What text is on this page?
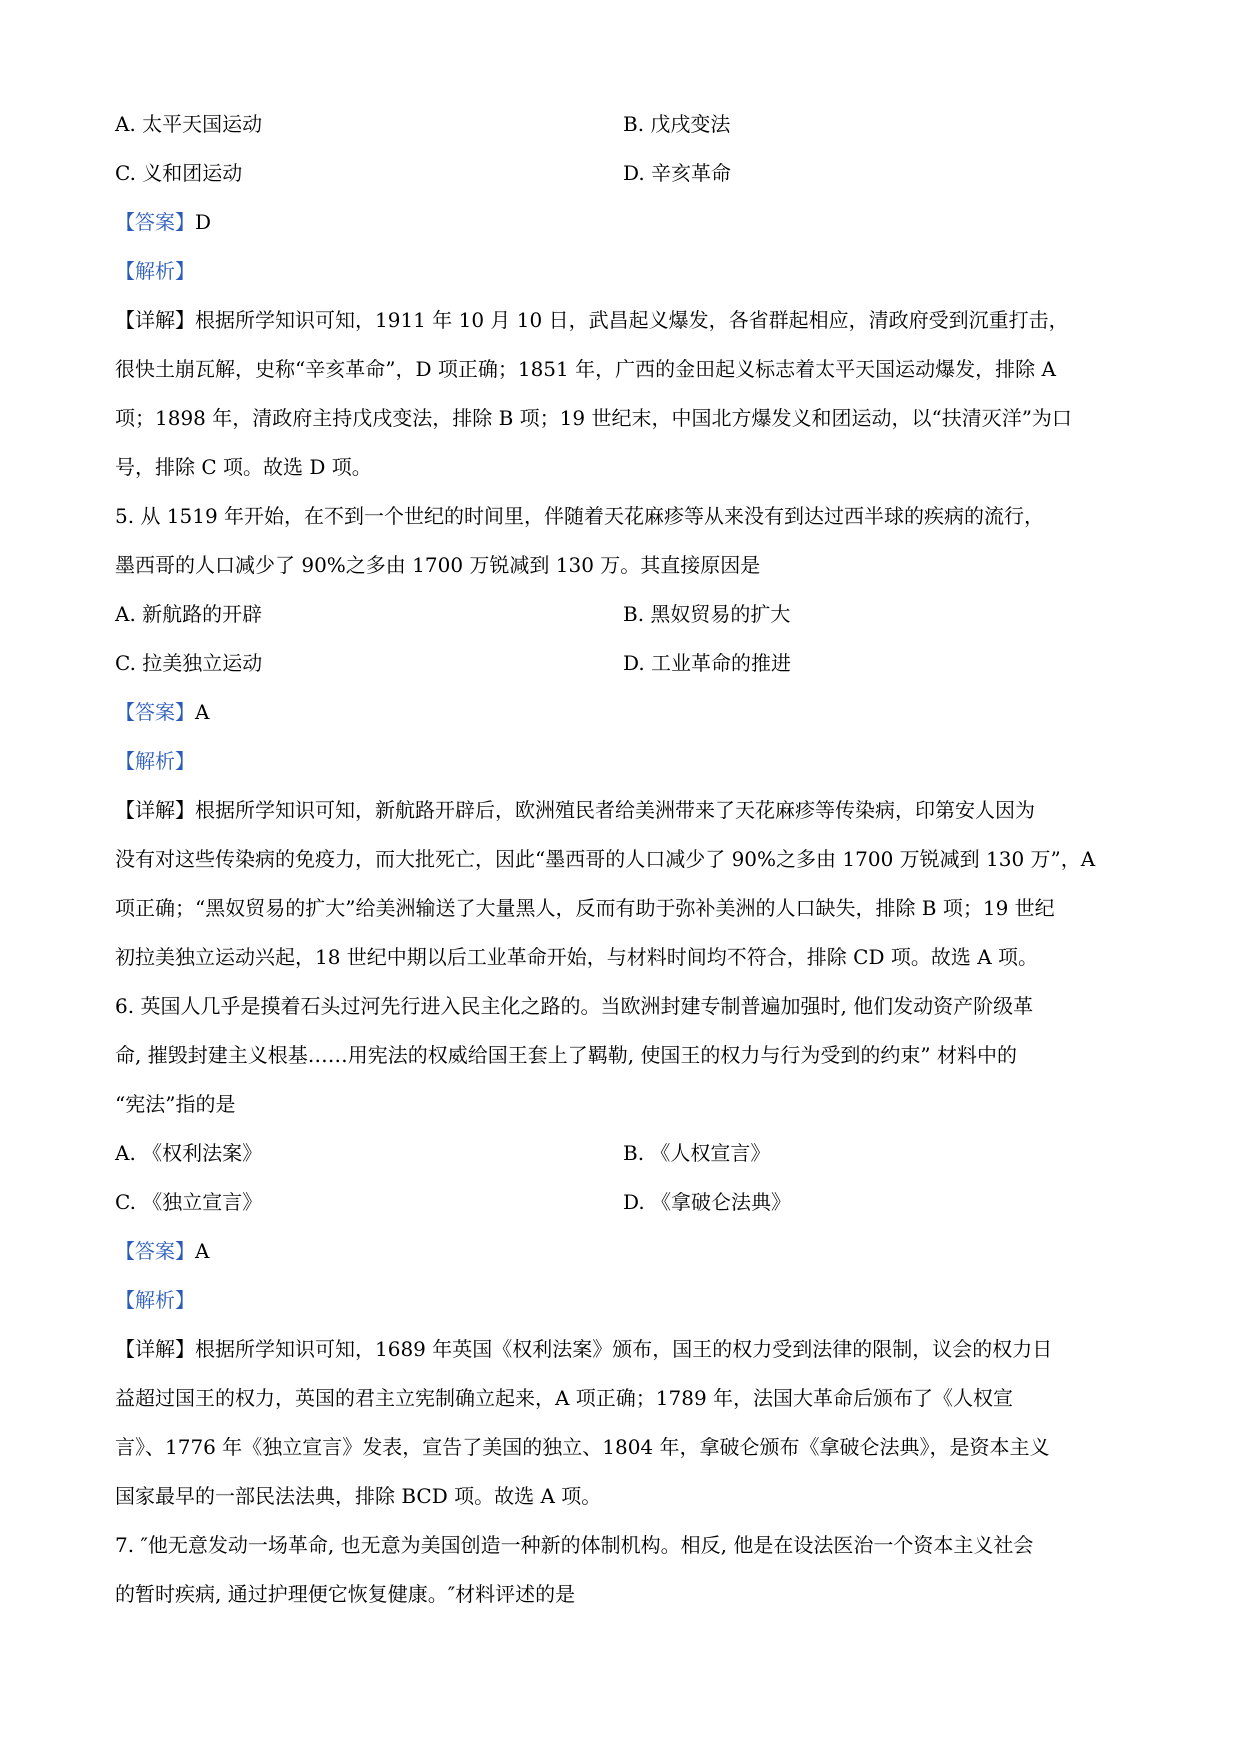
A. 太平天国运动	B. 戊戌变法
C. 义和团运动	D. 辛亥革命
【答案】D
【解析】
【详解】根据所学知识可知，1911 年 10 月 10 日，武昌起义爆发，各省群起相应，清政府受到沉重打击，
很快土崩瓦解，史称“辛亥革命”，D 项正确；1851 年，广西的金田起义标志着太平天国运动爆发，排除 A
项；1898 年，清政府主持戊戌变法，排除 B 项；19 世纪末，中国北方爆发义和团运动，以“扶清灭洋”为口
号，排除 C 项。故选 D 项。
5. 从 1519 年开始，在不到一个世纪的时间里，伴随着天花麻疹等从来没有到达过西半球的疾病的流行，
墨西哥的人口减少了 90%之多由 1700 万锐减到 130 万。其直接原因是
A. 新航路的开辟	B. 黑奴贸易的扩大
C. 拉美独立运动	D. 工业革命的推进
【答案】A
【解析】
【详解】根据所学知识可知，新航路开辟后，欧洲殖民者给美洲带来了天花麻疹等传染病，印第安人因为
没有对这些传染病的免疫力，而大批死亡，因此“墨西哥的人口减少了 90%之多由 1700 万锐减到 130 万”，A
项正确；“黑奴贸易的扩大”给美洲输送了大量黑人，反而有助于弥补美洲的人口缺失，排除 B 项；19 世纪
初拉美独立运动兴起，18 世纪中期以后工业革命开始，与材料时间均不符合，排除 CD 项。故选 A 项。
6. 英国人几乎是摸着石头过河先行进入民主化之路的。当欧洲封建专制普遍加强时, 他们发动资产阶级革
命, 摧毁封建主义根基……用宪法的权威给国王套上了羁勒, 使国王的权力与行为受到的约束” 材料中的
“宪法”指的是
A. 《权利法案》	B. 《人权宣言》
C. 《独立宣言》	D. 《拿破仑法典》
【答案】A
【解析】
【详解】根据所学知识可知，1689 年英国《权利法案》颁布，国王的权力受到法律的限制，议会的权力日
益超过国王的权力，英国的君主立宪制确立起来，A 项正确；1789 年，法国大革命后颁布了《人权宣
言》、1776 年《独立宣言》发表，宣告了美国的独立、1804 年，拿破仑颁布《拿破仑法典》，是资本主义
国家最早的一部民法法典，排除 BCD 项。故选 A 项。
7. ″他无意发动一场革命, 也无意为美国创造一种新的体制机构。相反, 他是在设法医治一个资本主义社会
的暂时疾病, 通过护理便它恢复健康。″材料评述的是
